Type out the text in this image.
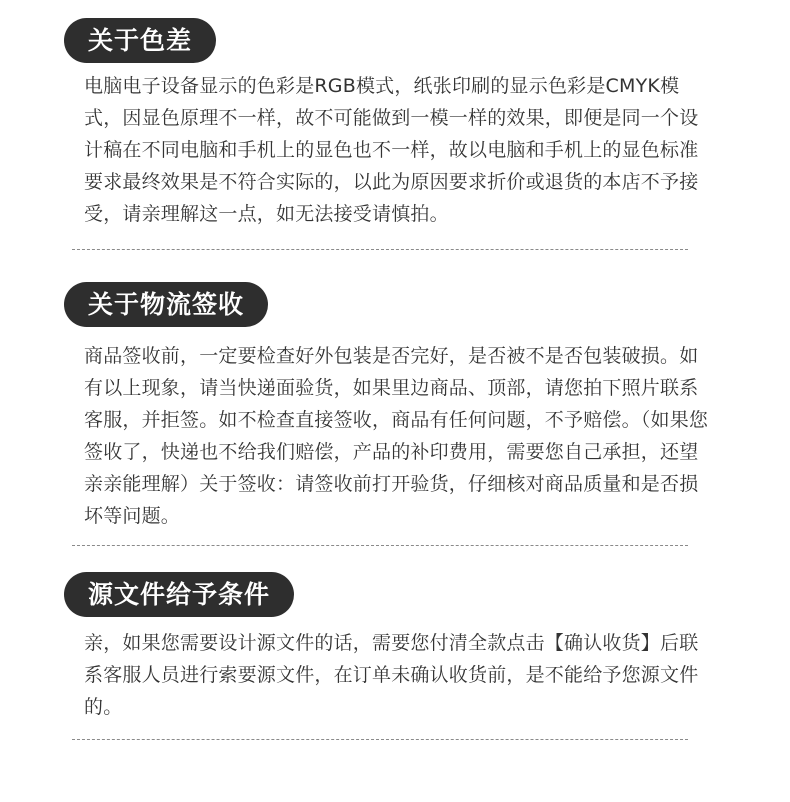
关于色差
电脑电子设备显示的色彩是RGB模式，纸张印刷的显示色彩是CMYK模式，因显色原理不一样，故不可能做到一模一样的效果，即便是同一个设计稿在不同电脑和手机上的显色也不一样，故以电脑和手机上的显色标准要求最终效果是不符合实际的，以此为原因要求折价或退货的本店不予接受，请亲理解这一点，如无法接受请慎拍。
关于物流签收
商品签收前，一定要检查好外包装是否完好，是否被不是否包装破损。如有以上现象，请当快递面验货，如果里边商品、顶部，请您拍下照片联系客服，并拒签。如不检查直接签收，商品有任何问题，不予赔偿。（如果您签收了，快递也不给我们赔偿，产品的补印费用，需要您自己承担，还望亲亲能理解）关于签收：请签收前打开验货，仔细核对商品质量和是否损坏等问题。
源文件给予条件
亲，如果您需要设计源文件的话，需要您付清全款点击【确认收货】后联系客服人员进行索要源文件，在订单未确认收货前，是不能给予您源文件的。
